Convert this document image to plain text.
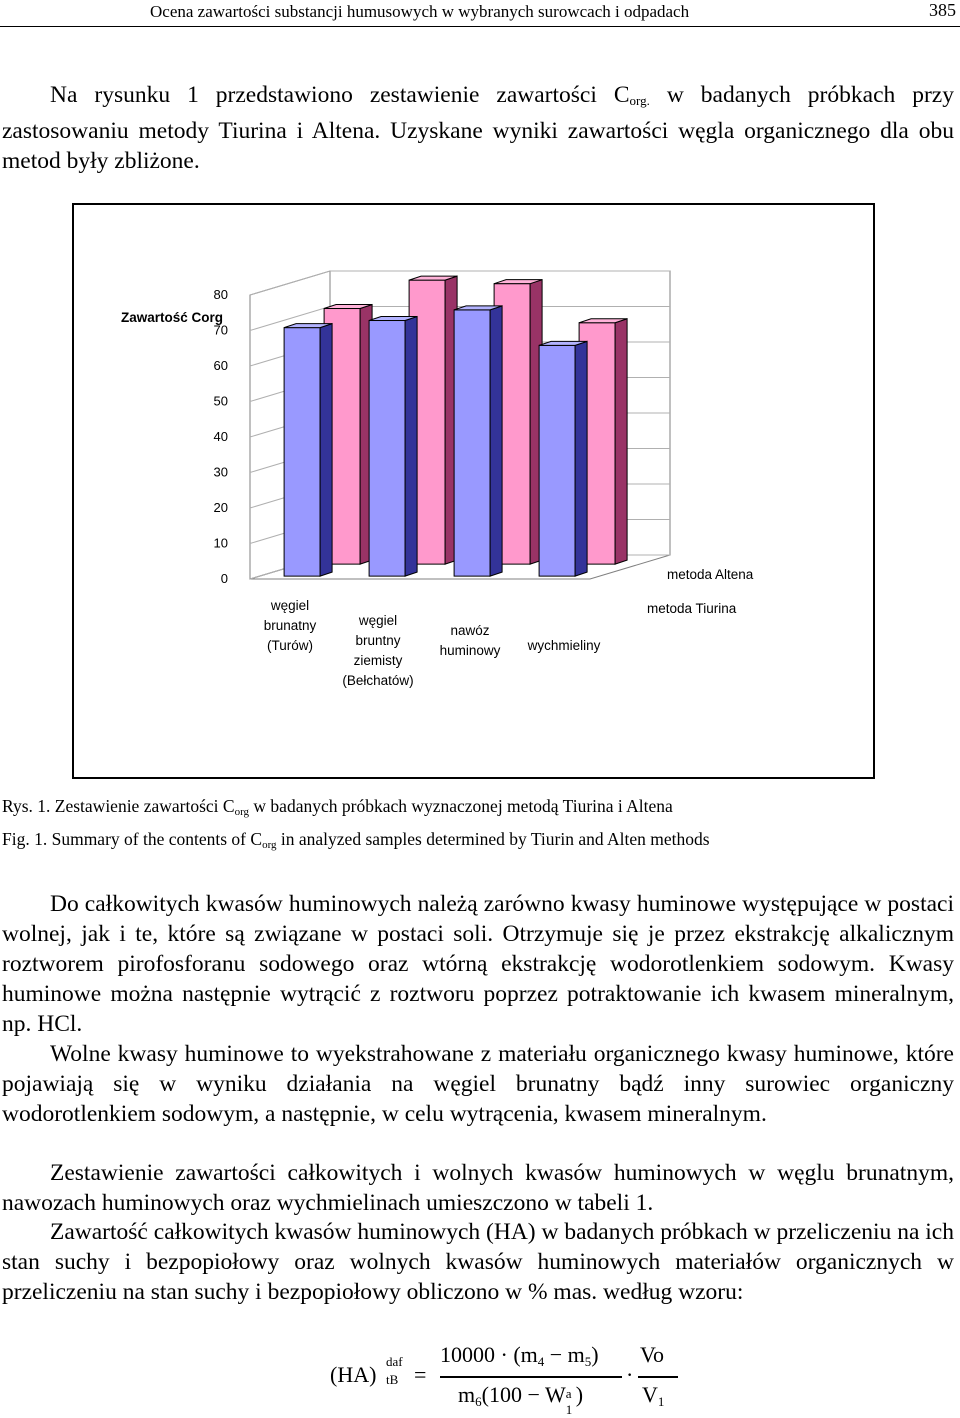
Ocena zawartości substancji humusowych w wybranych surowcach i odpadach	385

Na rysunku 1 przedstawiono zestawienie zawartości $C_{org.}$ w badanych próbkach przy zastosowaniu metody Tiurina i Altena. Uzyskane wyniki zawartości węgla organicznego dla obu metod były zbliżone.

0
10
20
30
40
50
60
70
80
Zawartość Corg
węgiel
brunatny
(Turów)
węgiel
bruntny
ziemisty
(Bełchatów)
nawóz
huminowy wychmieliny
metoda Altena
metoda Tiurina
Rys. 1. Zestawienie zawartości $C_{org}$ w badanych próbkach wyznaczonej metodą Tiurina i Altena
Fig. 1. Summary of the contents of $C_{org}$ in analyzed samples determined by Tiurin and Alten methods

Do całkowitych kwasów huminowych należą zarówno kwasy huminowe występujące w postaci wolnej, jak i te, które są związane w postaci soli. Otrzymuje się je przez ekstrakcję alkalicznym roztworem pirofosforanu sodowego oraz wtórną ekstrakcję wodorotlenkiem sodowym. Kwasy huminowe można następnie wytrącić z roztworu poprzez potraktowanie ich kwasem mineralnym, np. HCl.

Wolne kwasy huminowe to wyekstrahowane z materiału organicznego kwasy huminowe, które pojawiają się w wyniku działania na węgiel brunatny bądź inny surowiec organiczny wodorotlenkiem sodowym, a następnie, w celu wytrącenia, kwasem mineralnym.

Zestawienie zawartości całkowitych i wolnych kwasów huminowych w węglu brunatnym, nawozach huminowych oraz wychmielinach umieszczono w tabeli 1.

Zawartość całkowitych kwasów huminowych (HA) w badanych próbkach w przeliczeniu na ich stan suchy i bezpopiołowy oraz wolnych kwasów huminowych materiałów organicznych w przeliczeniu na stan suchy i bezpopiołowy obliczono w % mas. według wzoru:

(HA)
daf
tB =
10000 · (m4 − m5)
m6(100 − W a
1
)
·
Vo
V1
